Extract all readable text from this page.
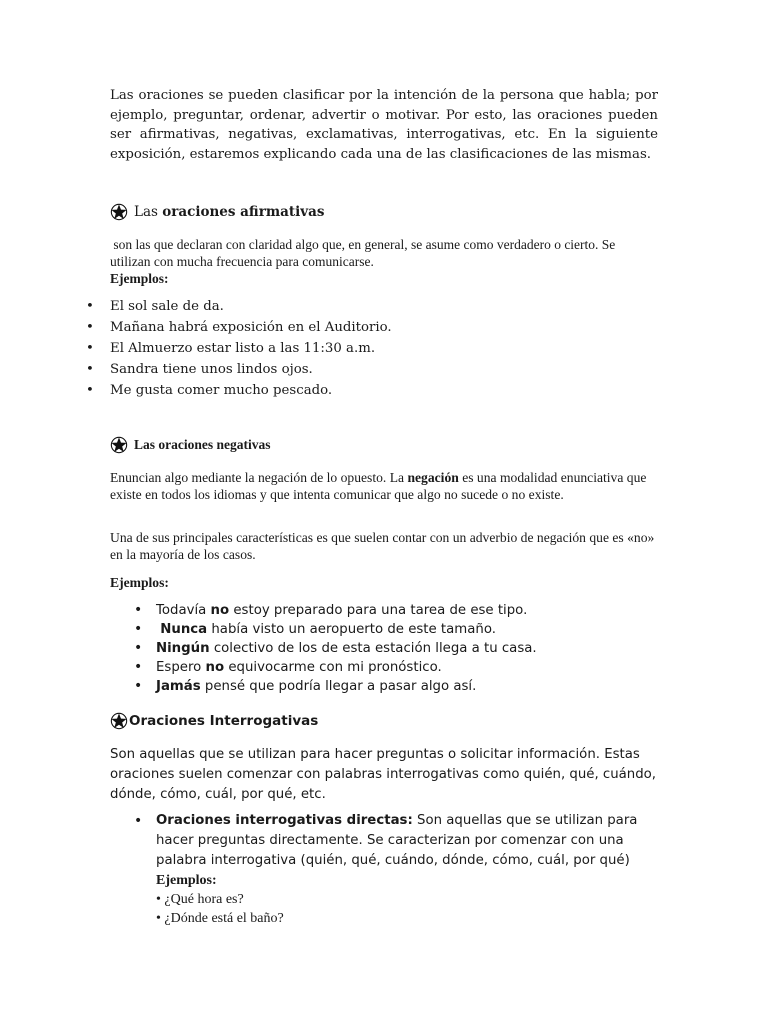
Las oraciones se pueden clasificar por la intención de la persona que habla; por ejemplo, preguntar, ordenar, advertir o motivar. Por esto, las oraciones pueden ser afirmativas, negativas, exclamativas, interrogativas, etc. En la siguiente exposición, estaremos explicando cada una de las clasificaciones de las mismas.

Las oraciones afirmativas
son las que declaran con claridad algo que, en general, se asume como verdadero o cierto. Se utilizan con mucha frecuencia para comunicarse.
Ejemplos:
•	El sol sale de da.
•	Mañana habrá exposición en el Auditorio.
•	El Almuerzo estar listo a las 11:30 a.m.
•	Sandra tiene unos lindos ojos.
•	Me gusta comer mucho pescado.
Las oraciones negativas

Enuncian algo mediante la negación de lo opuesto. La negación es una modalidad enunciativa que existe en todos los idiomas y que intenta comunicar que algo no sucede o no existe.

Una de sus principales características es que suelen contar con un adverbio de negación que es «no» en la mayoría de los casos.

Ejemplos:
•	Todavía no estoy preparado para una tarea de ese tipo.
•
	Nunca había visto un aeropuerto de este tamaño.
•	Ningún colectivo de los de esta estación llega a tu casa.
•	Espero no equivocarme con mi pronóstico.
•	Jamás pensé que podría llegar a pasar algo así.
Oraciones Interrogativas

Son aquellas que se utilizan para hacer preguntas o solicitar información. Estas oraciones suelen comenzar con palabras interrogativas como quién, qué, cuándo, dónde, cómo, cuál, por qué, etc.

•	Oraciones interrogativas directas: Son aquellas que se utilizan para hacer preguntas directamente. Se caracterizan por comenzar con una palabra interrogativa (quién, qué, cuándo, dónde, cómo, cuál, por qué)
Ejemplos:
• ¿Qué hora es?
• ¿Dónde está el baño?
